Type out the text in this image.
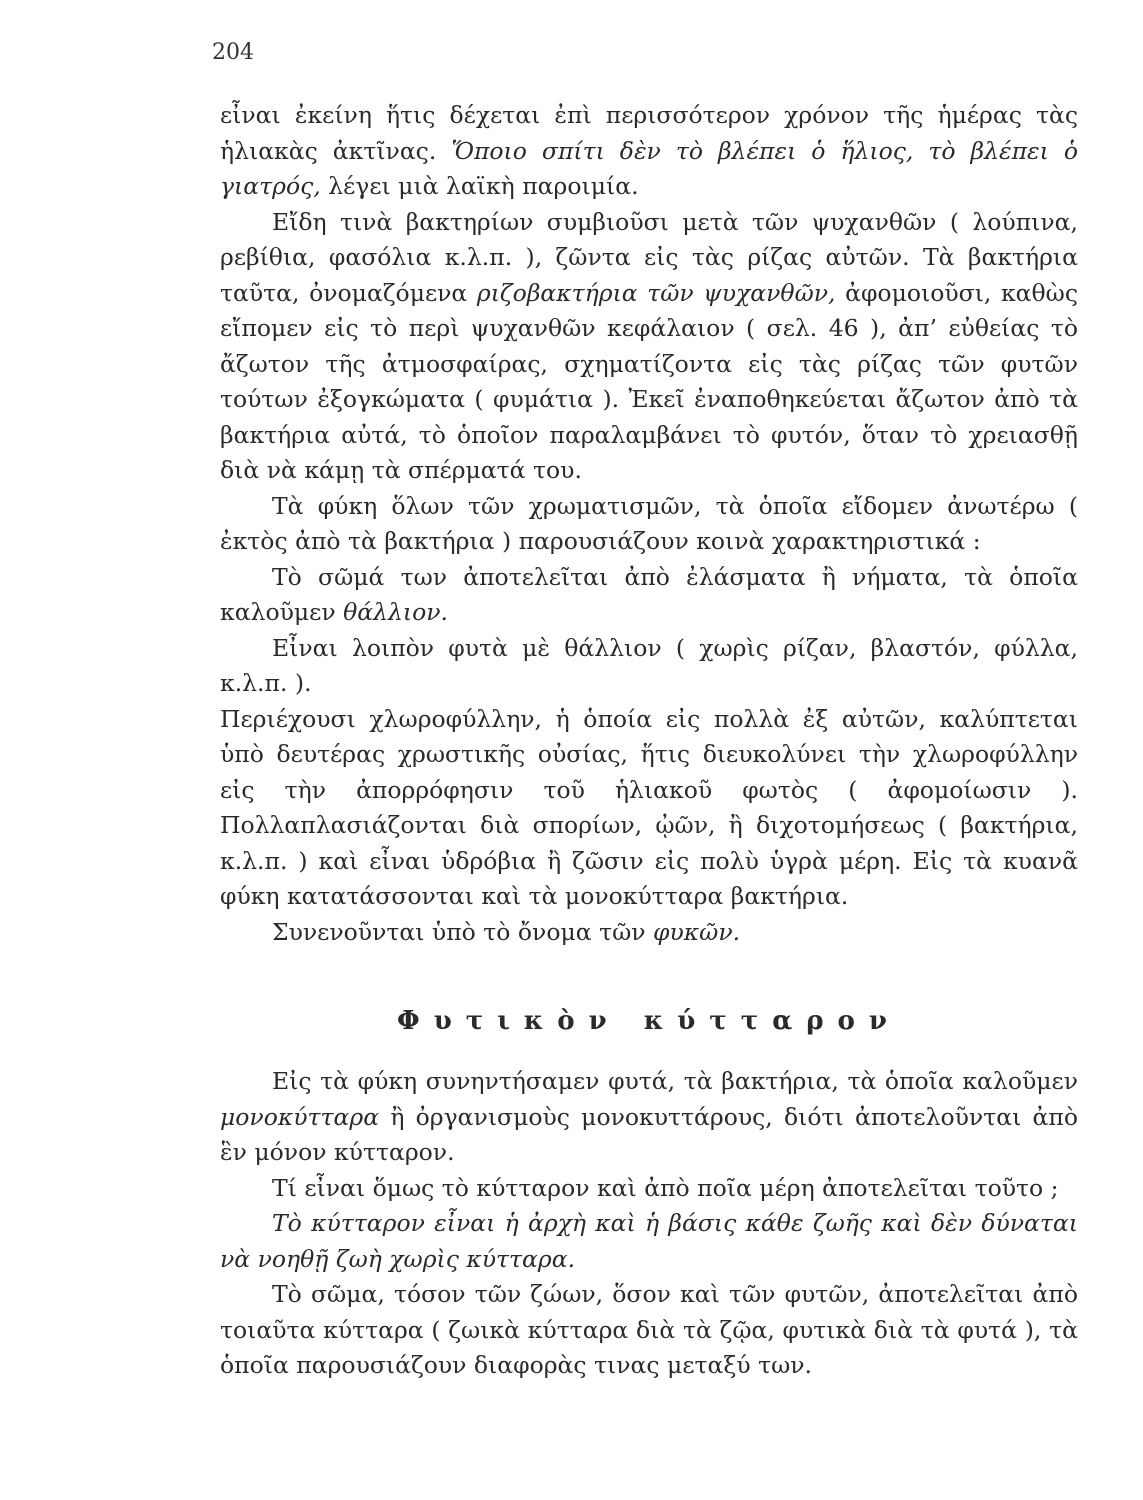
204

εἶναι ἐκείνη ἥτις δέχεται ἐπὶ περισσότερον χρόνον τῆς ἡμέρας τὰς ἡλιακὰς ἀκτῖνας. Ὅποιο σπίτι δὲν τὸ βλέπει ὁ ἥλιος, τὸ βλέπει ὁ γιατρός, λέγει μιὰ λαϊκὴ παροιμία.

Εἴδη τινὰ βακτηρίων συμβιοῦσι μετὰ τῶν ψυχανθῶν ( λούπινα, ρεβίθια, φασόλια κ.λ.π. ), ζῶντα εἰς τὰς ρίζας αὐτῶν. Τὰ βακτήρια ταῦτα, ὀνομαζόμενα ριζοβακτήρια τῶν ψυχανθῶν, ἀφομοιοῦσι, καθὼς εἴπομεν εἰς τὸ περὶ ψυχανθῶν κεφάλαιον ( σελ. 46 ), ἀπ’ εὐθείας τὸ ἄζωτον τῆς ἀτμοσφαίρας, σχηματίζοντα εἰς τὰς ρίζας τῶν φυτῶν τούτων ἐξογκώματα ( φυμάτια ). Ἐκεῖ ἐναποθηκεύεται ἄζωτον ἀπὸ τὰ βακτήρια αὐτά, τὸ ὁποῖον παραλαμβάνει τὸ φυτόν, ὅταν τὸ χρειασθῇ διὰ νὰ κάμῃ τὰ σπέρματά του.

Τὰ φύκη ὅλων τῶν χρωματισμῶν, τὰ ὁποῖα εἴδομεν ἀνωτέρω ( ἐκτὸς ἀπὸ τὰ βακτήρια ) παρουσιάζουν κοινὰ χαρακτηριστικά :

Τὸ σῶμά των ἀποτελεῖται ἀπὸ ἐλάσματα ἢ νήματα, τὰ ὁποῖα καλοῦμεν θάλλιον.

Εἶναι λοιπὸν φυτὰ μὲ θάλλιον ( χωρὶς ρίζαν, βλαστόν, φύλλα, κ.λ.π. ).

Περιέχουσι χλωροφύλλην, ἡ ὁποία εἰς πολλὰ ἐξ αὐτῶν, καλύπτεται ὑπὸ δευτέρας χρωστικῆς οὐσίας, ἥτις διευκολύνει τὴν χλωροφύλλην εἰς τὴν ἀπορρόφησιν τοῦ ἡλιακοῦ φωτὸς ( ἀφομοίωσιν ). Πολλαπλασιάζονται διὰ σπορίων, ᾠῶν, ἢ διχοτομήσεως ( βακτήρια, κ.λ.π. ) καὶ εἶναι ὑδρόβια ἢ ζῶσιν εἰς πολὺ ὑγρὰ μέρη. Εἰς τὰ κυανᾶ φύκη κατατάσσονται καὶ τὰ μονοκύτταρα βακτήρια.

Συνενοῦνται ὑπὸ τὸ ὄνομα τῶν φυκῶν.

Φυτικὸν κύτταρον

Εἰς τὰ φύκη συνηντήσαμεν φυτά, τὰ βακτήρια, τὰ ὁποῖα καλοῦμεν μονοκύτταρα ἢ ὀργανισμοὺς μονοκυττάρους, διότι ἀποτελοῦνται ἀπὸ ἓν μόνον κύτταρον.

Τί εἶναι ὅμως τὸ κύτταρον καὶ ἀπὸ ποῖα μέρη ἀποτελεῖται τοῦτο ;

Τὸ κύτταρον εἶναι ἡ ἀρχὴ καὶ ἡ βάσις κάθε ζωῆς καὶ δὲν δύναται νὰ νοηθῇ ζωὴ χωρὶς κύτταρα.

Τὸ σῶμα, τόσον τῶν ζώων, ὅσον καὶ τῶν φυτῶν, ἀποτελεῖται ἀπὸ τοιαῦτα κύτταρα ( ζωικὰ κύτταρα διὰ τὰ ζῷα, φυτικὰ διὰ τὰ φυτά ), τὰ ὁποῖα παρουσιάζουν διαφορὰς τινας μεταξύ των.
